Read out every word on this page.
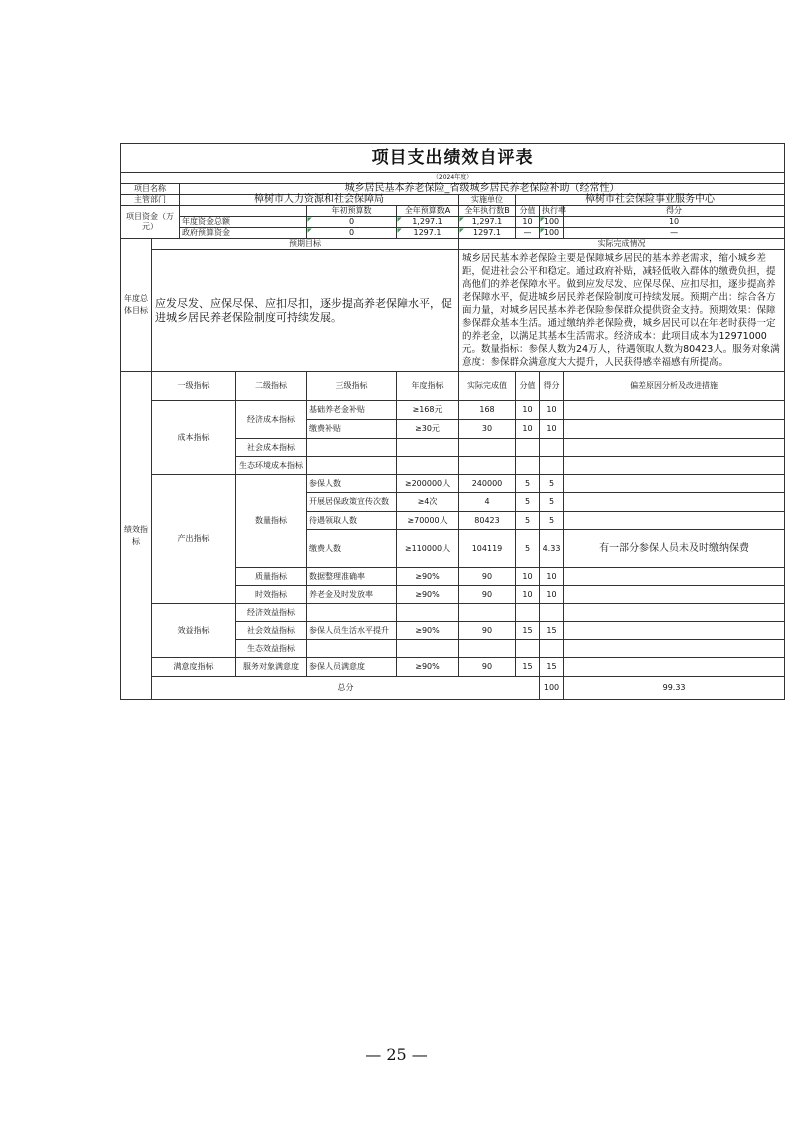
项目支出绩效自评表										
（2024年度）										
项目名称		城乡居民基本养老保险_省级城乡居民养老保险补助（经常性）								
主管部门		樟树市人力资源和社会保障局				实施单位	樟树市社会保险事业服务中心			
项目资金（万元）				年初预算数	全年预算数A	全年执行数B	分值	执行率	得分	
		年度资金总额		0	1,297.1	1,297.1	10	100	10	
		政府预算资金		0	1297.1	1297.1	—	100	—	
年度总体目标	预期目标					实际完成情况				
	应发尽发、应保尽保、应扣尽扣，逐步提高养老保障水平，促进城乡居民养老保险制度可持续发展。					城乡居民基本养老保险主要是保障城乡居民的基本养老需求，缩小城乡差距，促进社会公平和稳定。通过政府补贴，减轻低收入群体的缴费负担，提高他们的养老保障水平。做到应发尽发、应保尽保、应扣尽扣，逐步提高养老保障水平，促进城乡居民养老保险制度可持续发展。预期产出：综合各方面力量，对城乡居民基本养老保险参保群众提供资金支持。预期效果：保障参保群众基本生活。通过缴纳养老保险费，城乡居民可以在年老时获得一定的养老金，以满足其基本生活需求。经济成本：此项目成本为12971000元。数量指标：参保人数为24万人，待遇领取人数为80423人。服务对象满意度：参保群众满意度大大提升，人民获得感幸福感有所提高。				
绩效指标	一级指标		二级指标	三级指标	年度指标	实际完成值	分值	得分	偏差原因分析及改进措施	
	成本指标		经济成本指标	基础养老金补贴	≥168元	168	10	10		
				缴费补贴	≥30元	30	10	10		
			社会成本指标							
			生态环境成本指标							
	产出指标		数量指标	参保人数	≥200000人	240000	5	5		
				开展居保政策宣传次数	≥4次	4	5	5		
				待遇领取人数	≥70000人	80423	5	5		
				缴费人数	≥110000人	104119	5	4.33	有一部分参保人员未及时缴纳保费	
			质量指标	数据整理准确率	≥90%	90	10	10		
			时效指标	养老金及时发放率	≥90%	90	10	10		
	效益指标		经济效益指标							
			社会效益指标	参保人员生活水平提升	≥90%	90	15	15		
			生态效益指标							
	满意度指标		服务对象满意度	参保人员满意度	≥90%	90	15	15		
	总分							100	99.33	
— 25 —
